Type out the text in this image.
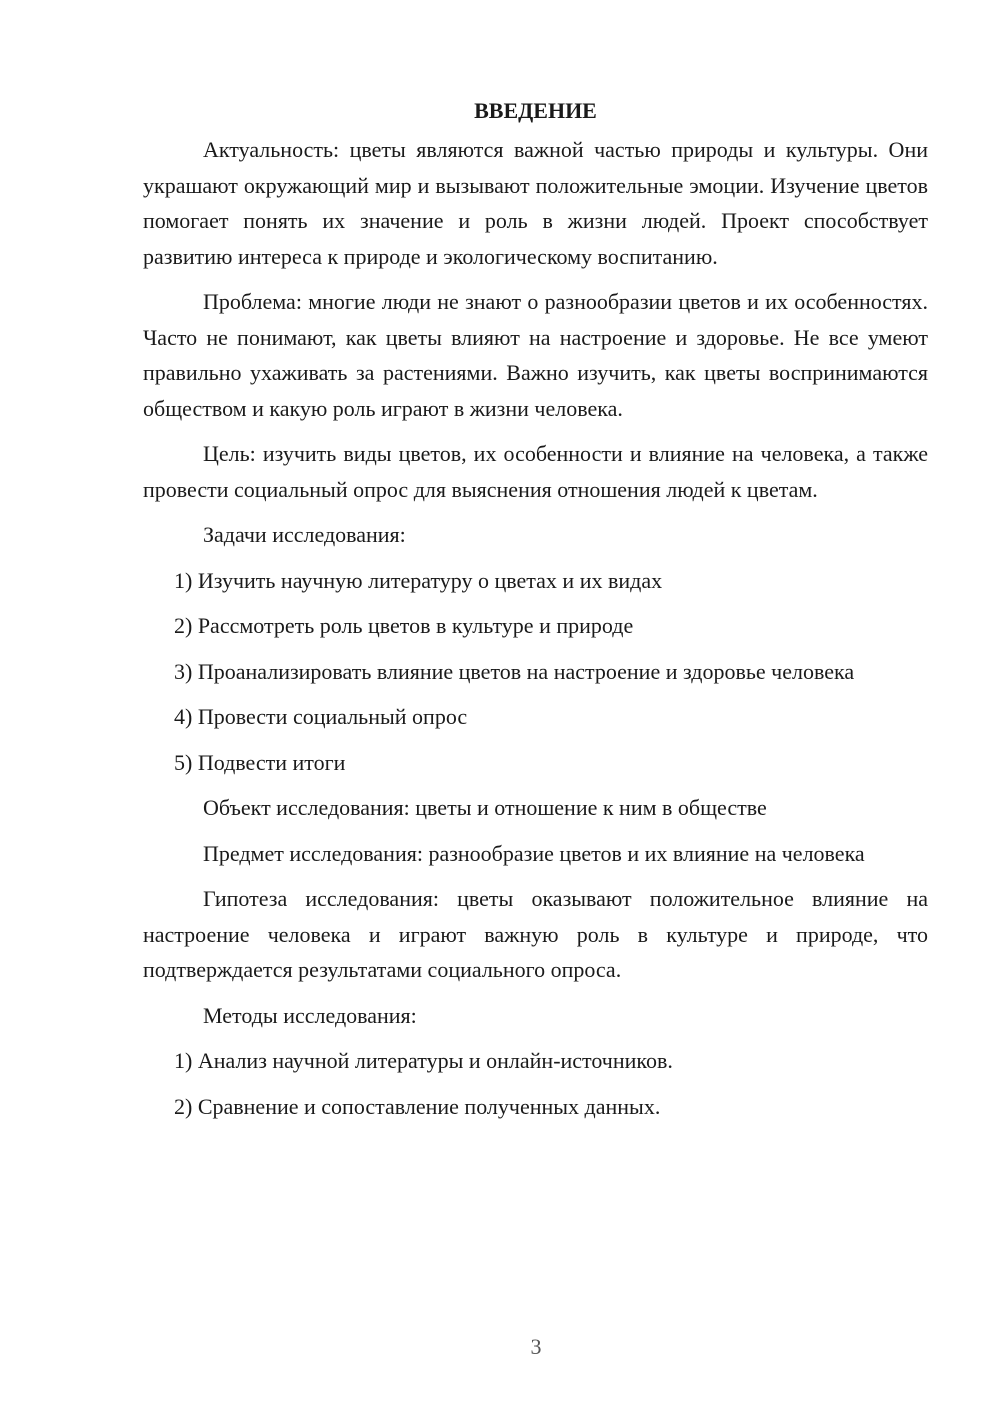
ВВЕДЕНИЕ
Актуальность: цветы являются важной частью природы и культуры. Они украшают окружающий мир и вызывают положительные эмоции. Изучение цветов помогает понять их значение и роль в жизни людей. Проект способствует развитию интереса к природе и экологическому воспитанию.
Проблема: многие люди не знают о разнообразии цветов и их особенностях. Часто не понимают, как цветы влияют на настроение и здоровье. Не все умеют правильно ухаживать за растениями. Важно изучить, как цветы воспринимаются обществом и какую роль играют в жизни человека.
Цель: изучить виды цветов, их особенности и влияние на человека, а также провести социальный опрос для выяснения отношения людей к цветам.
Задачи исследования:
1) Изучить научную литературу о цветах и их видах
2) Рассмотреть роль цветов в культуре и природе
3) Проанализировать влияние цветов на настроение и здоровье человека
4) Провести социальный опрос
5) Подвести итоги
Объект исследования: цветы и отношение к ним в обществе
Предмет исследования: разнообразие цветов и их влияние на человека
Гипотеза исследования: цветы оказывают положительное влияние на настроение человека и играют важную роль в культуре и природе, что подтверждается результатами социального опроса.
Методы исследования:
1) Анализ научной литературы и онлайн-источников.
2) Сравнение и сопоставление полученных данных.
3
